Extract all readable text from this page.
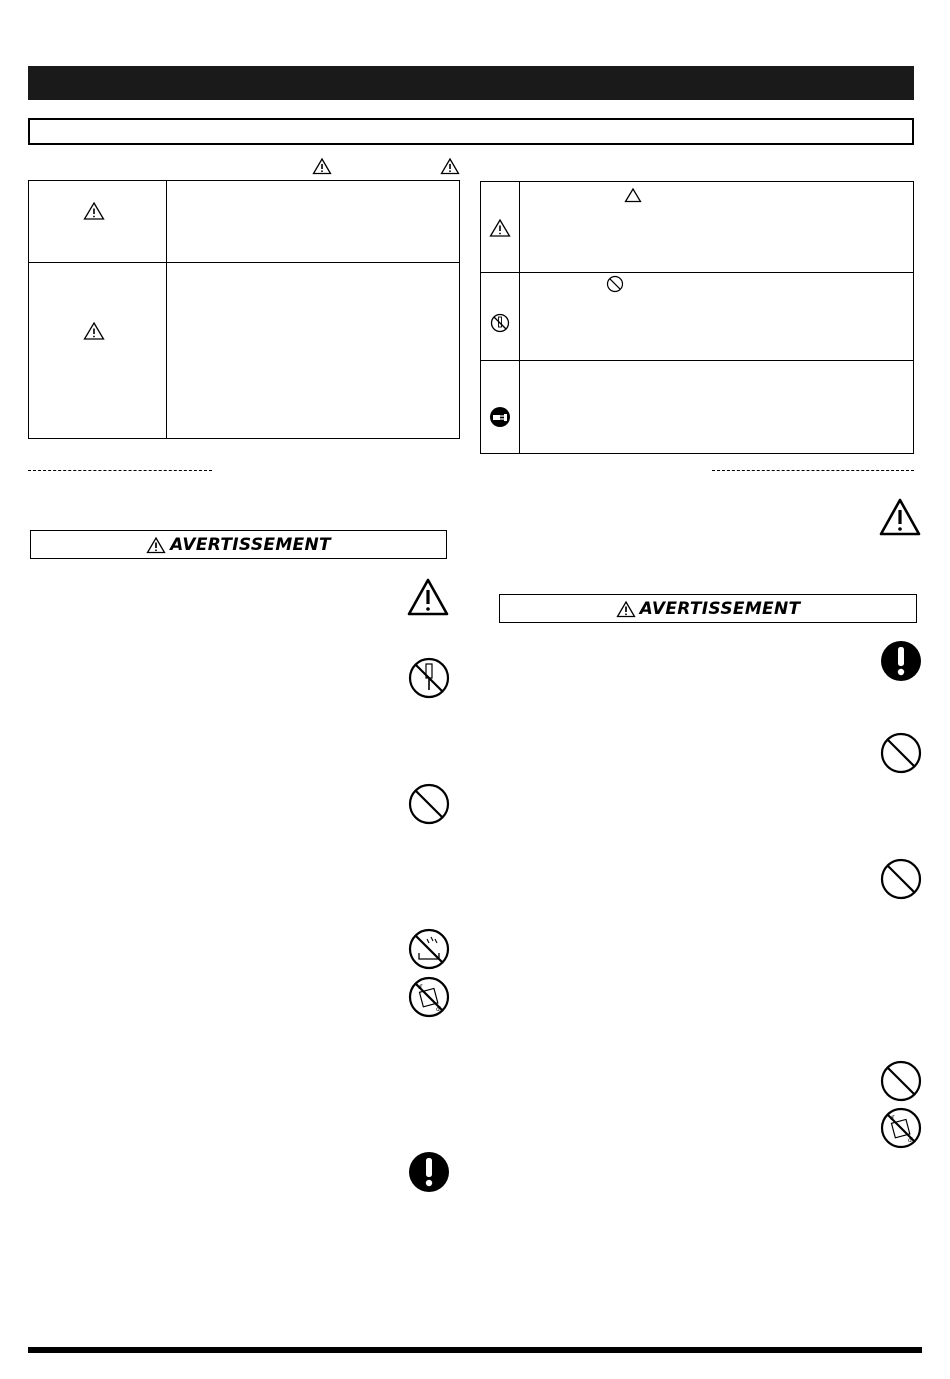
AVERTISSEMENT
AVERTISSEMENT
ď
ď
ď
ď
